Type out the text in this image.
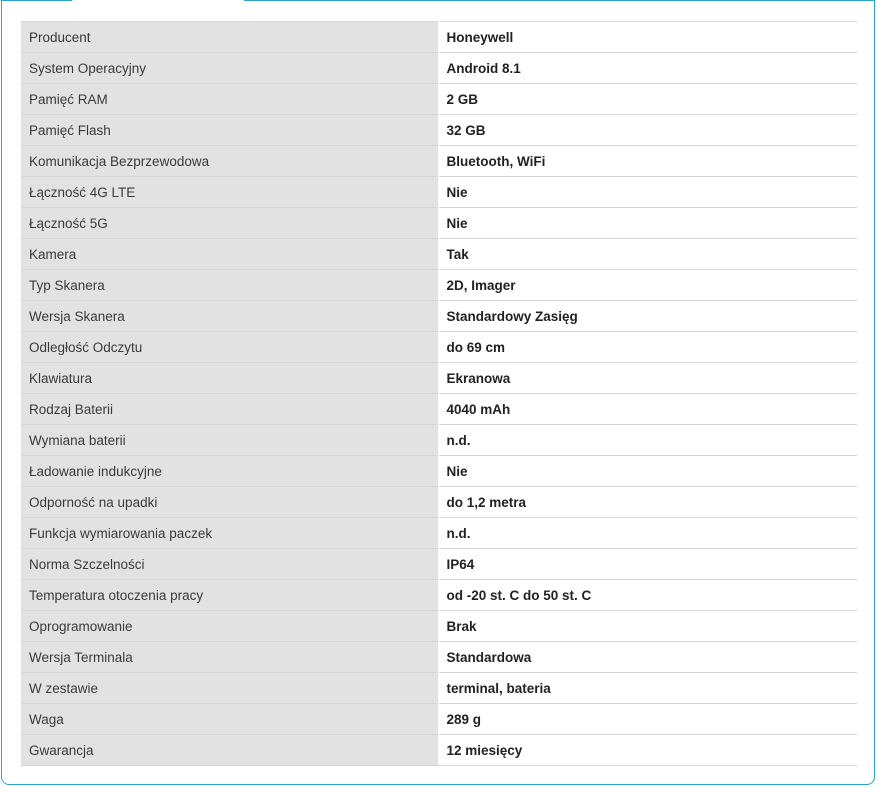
Producent	Honeywell
System Operacyjny	Android 8.1
Pamięć RAM	2 GB
Pamięć Flash	32 GB
Komunikacja Bezprzewodowa	Bluetooth, WiFi
Łączność 4G LTE	Nie
Łączność 5G	Nie
Kamera	Tak
Typ Skanera	2D, Imager
Wersja Skanera	Standardowy Zasięg
Odległość Odczytu	do 69 cm
Klawiatura	Ekranowa
Rodzaj Baterii	4040 mAh
Wymiana baterii	n.d.
Ładowanie indukcyjne	Nie
Odporność na upadki	do 1,2 metra
Funkcja wymiarowania paczek	n.d.
Norma Szczelności	IP64
Temperatura otoczenia pracy	od -20 st. C do 50 st. C
Oprogramowanie	Brak
Wersja Terminala	Standardowa
W zestawie	terminal, bateria
Waga	289 g
Gwarancja	12 miesięcy
